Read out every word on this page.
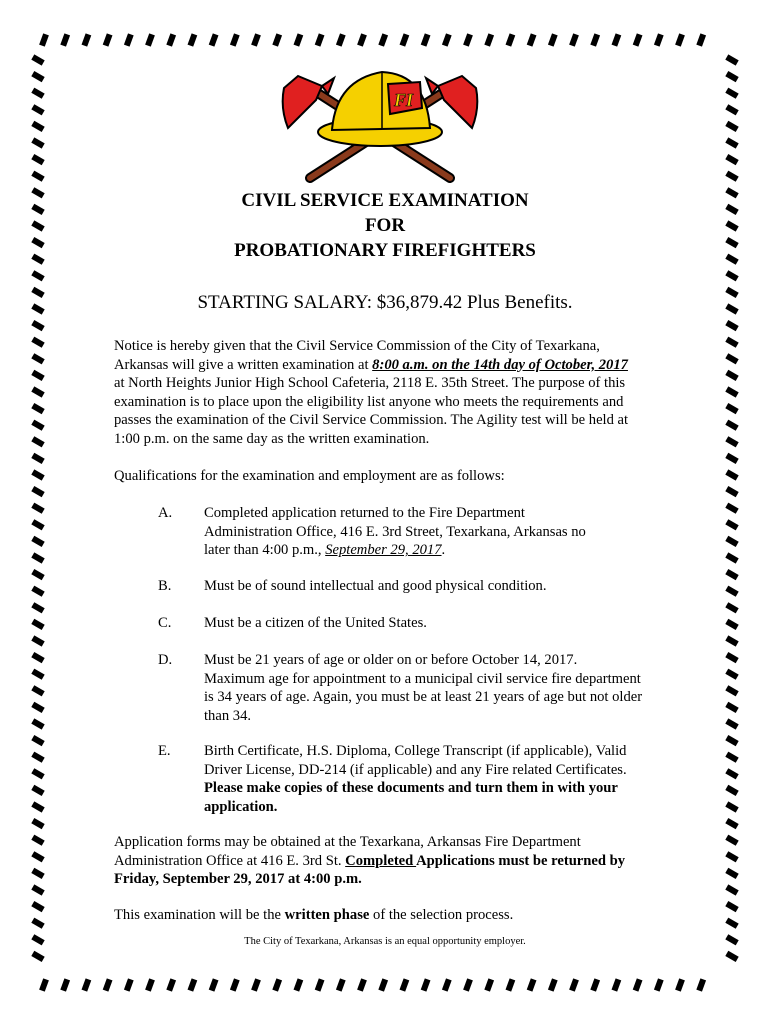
FI
CIVIL SERVICE EXAMINATION
FOR
PROBATIONARY FIREFIGHTERS
STARTING SALARY: $36,879.42 Plus Benefits.
Notice is hereby given that the Civil Service Commission of the City of Texarkana,
Arkansas will give a written examination at 8:00 a.m. on the 14th day of October, 2017
at North Heights Junior High School Cafeteria, 2118 E. 35th Street. The purpose of this
examination is to place upon the eligibility list anyone who meets the requirements and
passes the examination of the Civil Service Commission. The Agility test will be held at
1:00 p.m. on the same day as the written examination.
Qualifications for the examination and employment are as follows:
A. Completed application returned to the Fire Department
Administration Office, 416 E. 3rd Street, Texarkana, Arkansas no
later than 4:00 p.m., September 29, 2017.
B. Must be of sound intellectual and good physical condition.
C. Must be a citizen of the United States.
D. Must be 21 years of age or older on or before October 14, 2017.
Maximum age for appointment to a municipal civil service fire department
is 34 years of age. Again, you must be at least 21 years of age but not older
than 34.
E. Birth Certificate, H.S. Diploma, College Transcript (if applicable), Valid
Driver License, DD-214 (if applicable) and any Fire related Certificates.
Please make copies of these documents and turn them in with your
application.
Application forms may be obtained at the Texarkana, Arkansas Fire Department
Administration Office at 416 E. 3rd St. Completed Applications must be returned by
Friday, September 29, 2017 at 4:00 p.m.
This examination will be the written phase of the selection process.
The City of Texarkana, Arkansas is an equal opportunity employer.
